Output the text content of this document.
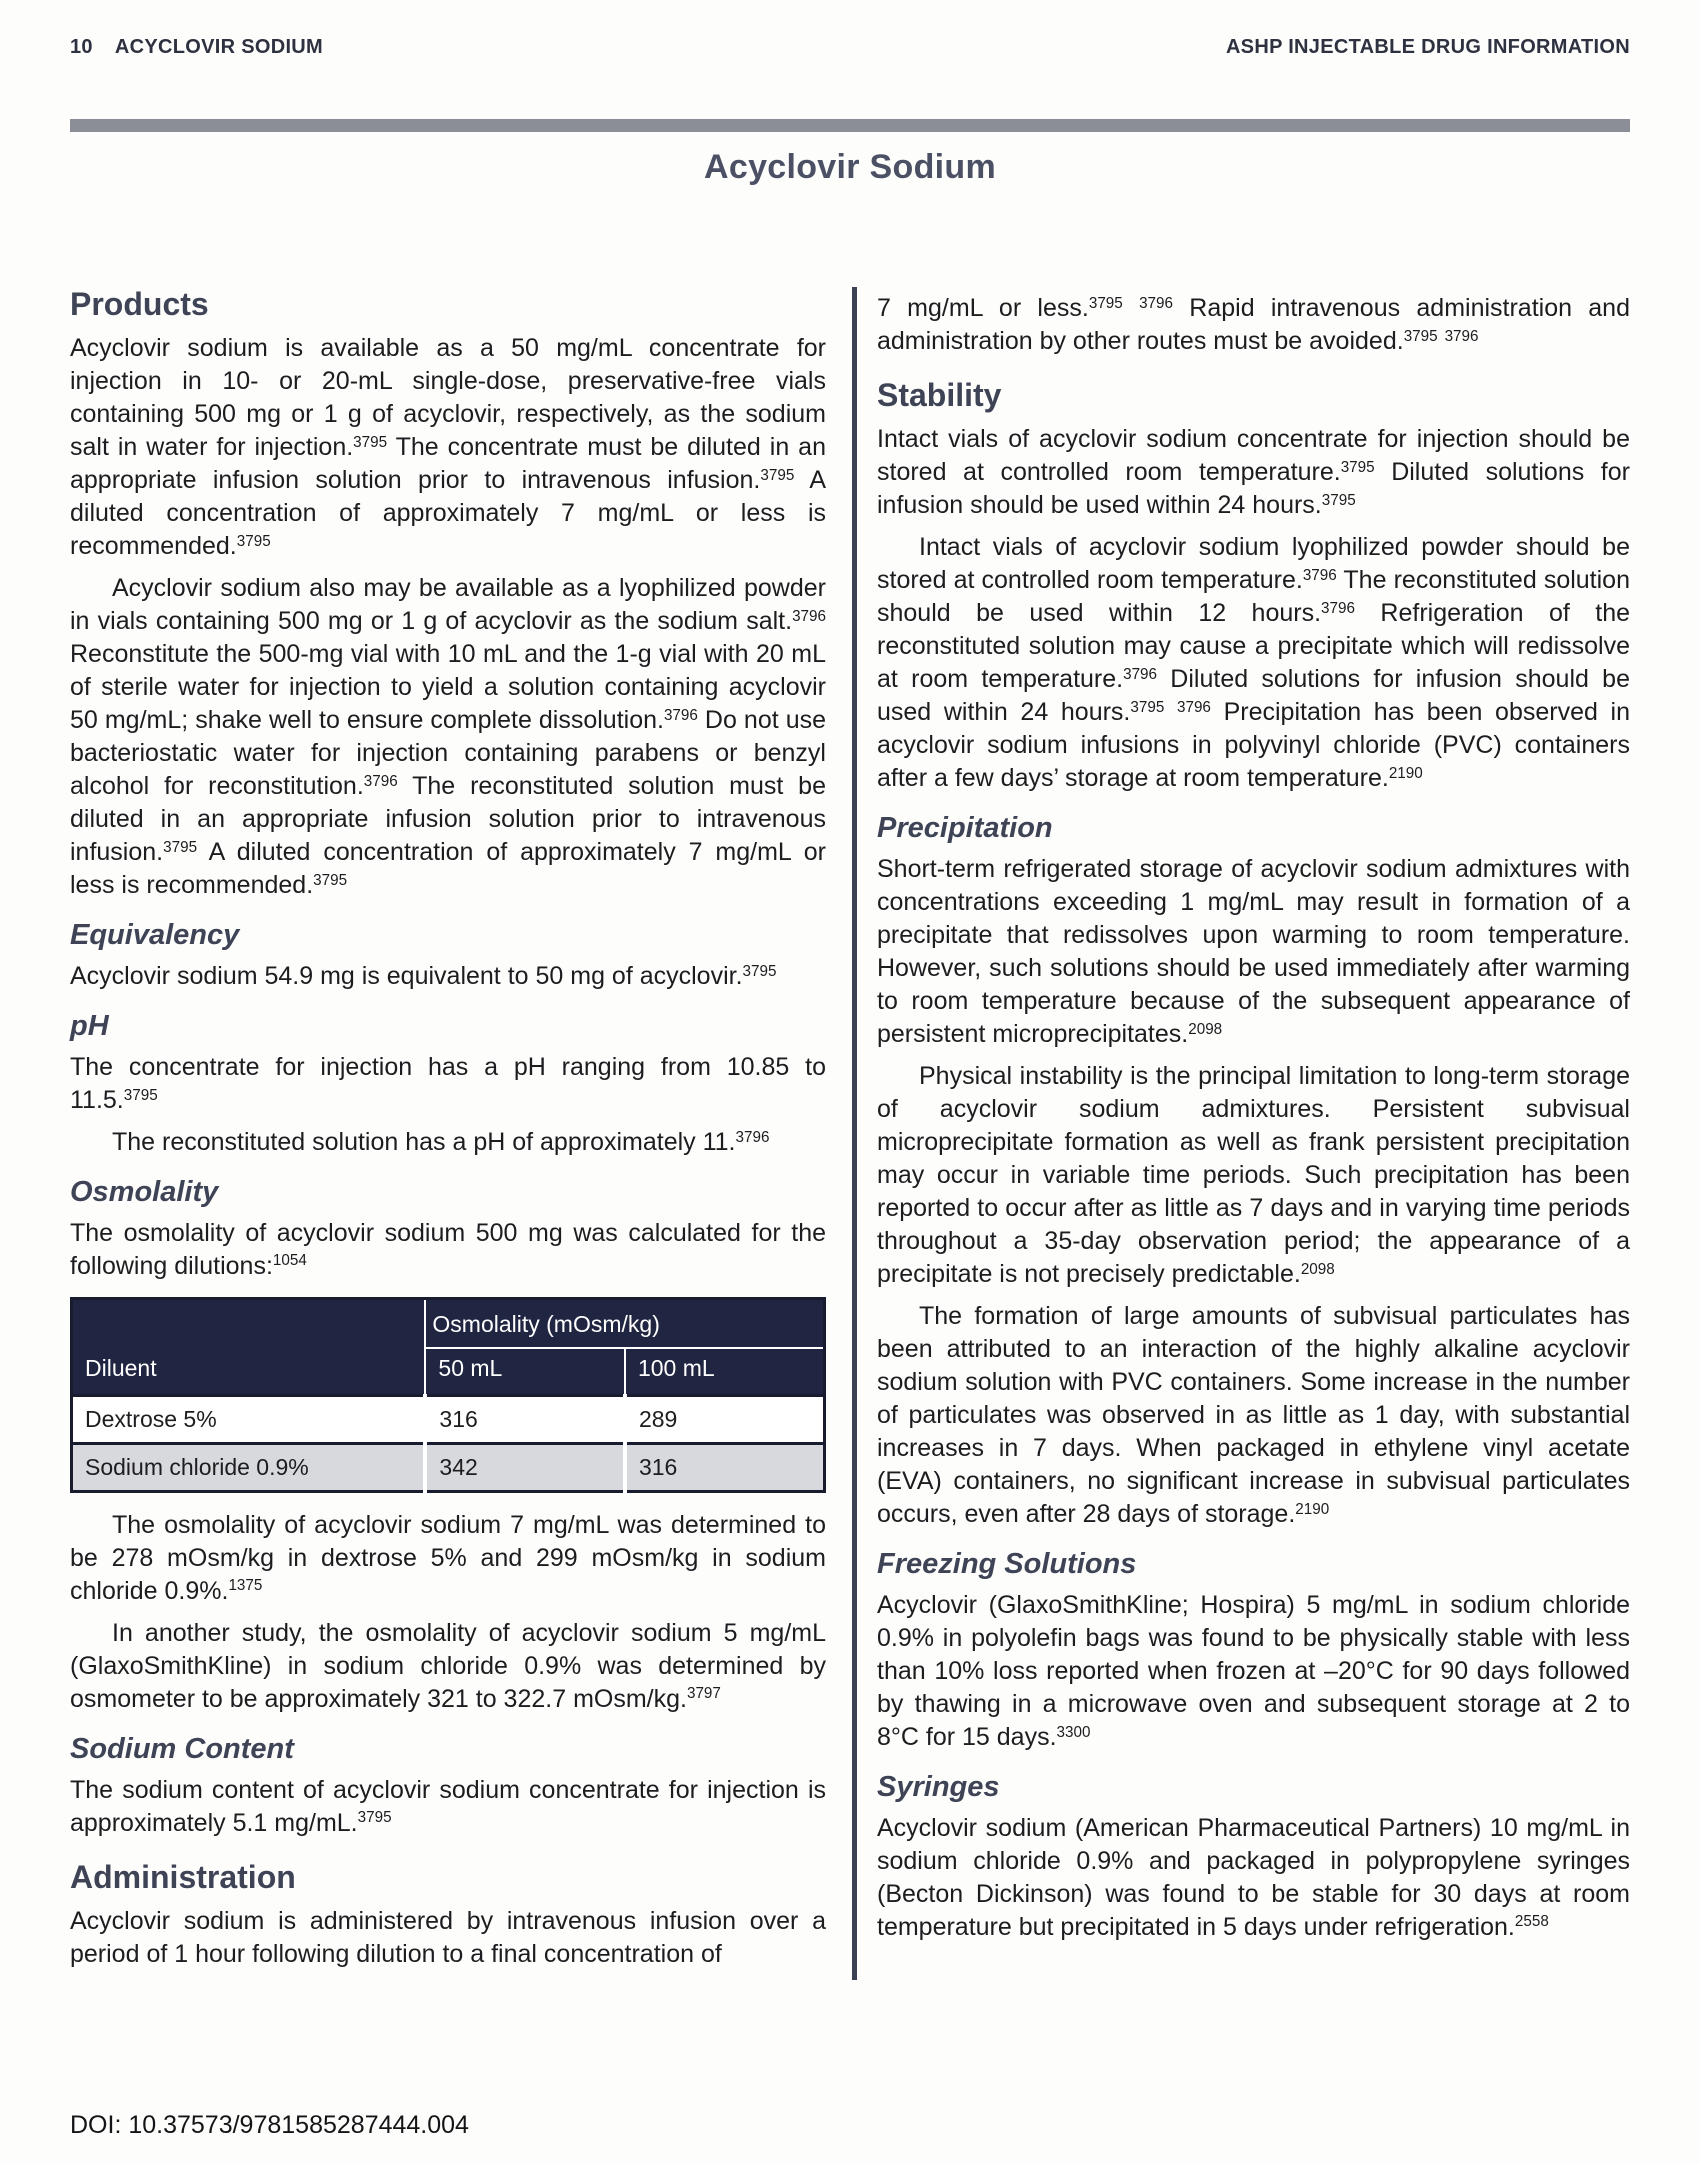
10 ACYCLOVIR SODIUM	ASHP INJECTABLE DRUG INFORMATION
Acyclovir Sodium
Products

Acyclovir sodium is available as a 50 mg/mL concentrate for injection in 10- or 20-mL single-dose, preservative-free vials containing 500 mg or 1 g of acyclovir, respectively, as the sodium salt in water for injection.$^{3795}$ The concentrate must be diluted in an appropriate infusion solution prior to intravenous infusion.$^{3795}$ A diluted concentration of approximately 7 mg/mL or less is recommended.$^{3795}$

Acyclovir sodium also may be available as a lyophilized powder in vials containing 500 mg or 1 g of acyclovir as the sodium salt.$^{3796}$ Reconstitute the 500-mg vial with 10 mL and the 1-g vial with 20 mL of sterile water for injection to yield a solution containing acyclovir 50 mg/mL; shake well to ensure complete dissolution.$^{3796}$ Do not use bacteriostatic water for injection containing parabens or benzyl alcohol for reconstitution.$^{3796}$ The reconstituted solution must be diluted in an appropriate infusion solution prior to intravenous infusion.$^{3795}$ A diluted concentration of approximately 7 mg/mL or less is recommended.$^{3795}$

Equivalency

Acyclovir sodium 54.9 mg is equivalent to 50 mg of acyclovir.$^{3795}$

pH

The concentrate for injection has a pH ranging from 10.85 to 11.5.$^{3795}$

The reconstituted solution has a pH of approximately 11.$^{3796}$

Osmolality

The osmolality of acyclovir sodium 500 mg was calculated for the following dilutions:$^{1054}$

	Osmolality (mOsm/kg)	
Diluent	50 mL	100 mL
Dextrose 5%	316	289
Sodium chloride 0.9%	342	316

The osmolality of acyclovir sodium 7 mg/mL was determined to be 278 mOsm/kg in dextrose 5% and 299 mOsm/kg in sodium chloride 0.9%.$^{1375}$

In another study, the osmolality of acyclovir sodium 5 mg/mL (GlaxoSmithKline) in sodium chloride 0.9% was determined by osmometer to be approximately 321 to 322.7 mOsm/kg.$^{3797}$

Sodium Content

The sodium content of acyclovir sodium concentrate for injection is approximately 5.1 mg/mL.$^{3795}$

Administration

Acyclovir sodium is administered by intravenous infusion over a period of 1 hour following dilution to a final concentration of

7 mg/mL or less.$^{3795}$ $^{3796}$ Rapid intravenous administration and administration by other routes must be avoided.$^{3795}$ $^{3796}$

Stability

Intact vials of acyclovir sodium concentrate for injection should be stored at controlled room temperature.$^{3795}$ Diluted solutions for infusion should be used within 24 hours.$^{3795}$

Intact vials of acyclovir sodium lyophilized powder should be stored at controlled room temperature.$^{3796}$ The reconstituted solution should be used within 12 hours.$^{3796}$ Refrigeration of the reconstituted solution may cause a precipitate which will redissolve at room temperature.$^{3796}$ Diluted solutions for infusion should be used within 24 hours.$^{3795}$ $^{3796}$ Precipitation has been observed in acyclovir sodium infusions in polyvinyl chloride (PVC) containers after a few days’ storage at room temperature.$^{2190}$

Precipitation

Short-term refrigerated storage of acyclovir sodium admixtures with concentrations exceeding 1 mg/mL may result in formation of a precipitate that redissolves upon warming to room temperature. However, such solutions should be used immediately after warming to room temperature because of the subsequent appearance of persistent microprecipitates.$^{2098}$

Physical instability is the principal limitation to long-term storage of acyclovir sodium admixtures. Persistent subvisual microprecipitate formation as well as frank persistent precipitation may occur in variable time periods. Such precipitation has been reported to occur after as little as 7 days and in varying time periods throughout a 35-day observation period; the appearance of a precipitate is not precisely predictable.$^{2098}$

The formation of large amounts of subvisual particulates has been attributed to an interaction of the highly alkaline acyclovir sodium solution with PVC containers. Some increase in the number of particulates was observed in as little as 1 day, with substantial increases in 7 days. When packaged in ethylene vinyl acetate (EVA) containers, no significant increase in subvisual particulates occurs, even after 28 days of storage.$^{2190}$

Freezing Solutions

Acyclovir (GlaxoSmithKline; Hospira) 5 mg/mL in sodium chloride 0.9% in polyolefin bags was found to be physically stable with less than 10% loss reported when frozen at –20°C for 90 days followed by thawing in a microwave oven and subsequent storage at 2 to 8°C for 15 days.$^{3300}$

Syringes

Acyclovir sodium (American Pharmaceutical Partners) 10 mg/mL in sodium chloride 0.9% and packaged in polypropylene syringes (Becton Dickinson) was found to be stable for 30 days at room temperature but precipitated in 5 days under refrigeration.$^{2558}$

DOI: 10.37573/9781585287444.004
